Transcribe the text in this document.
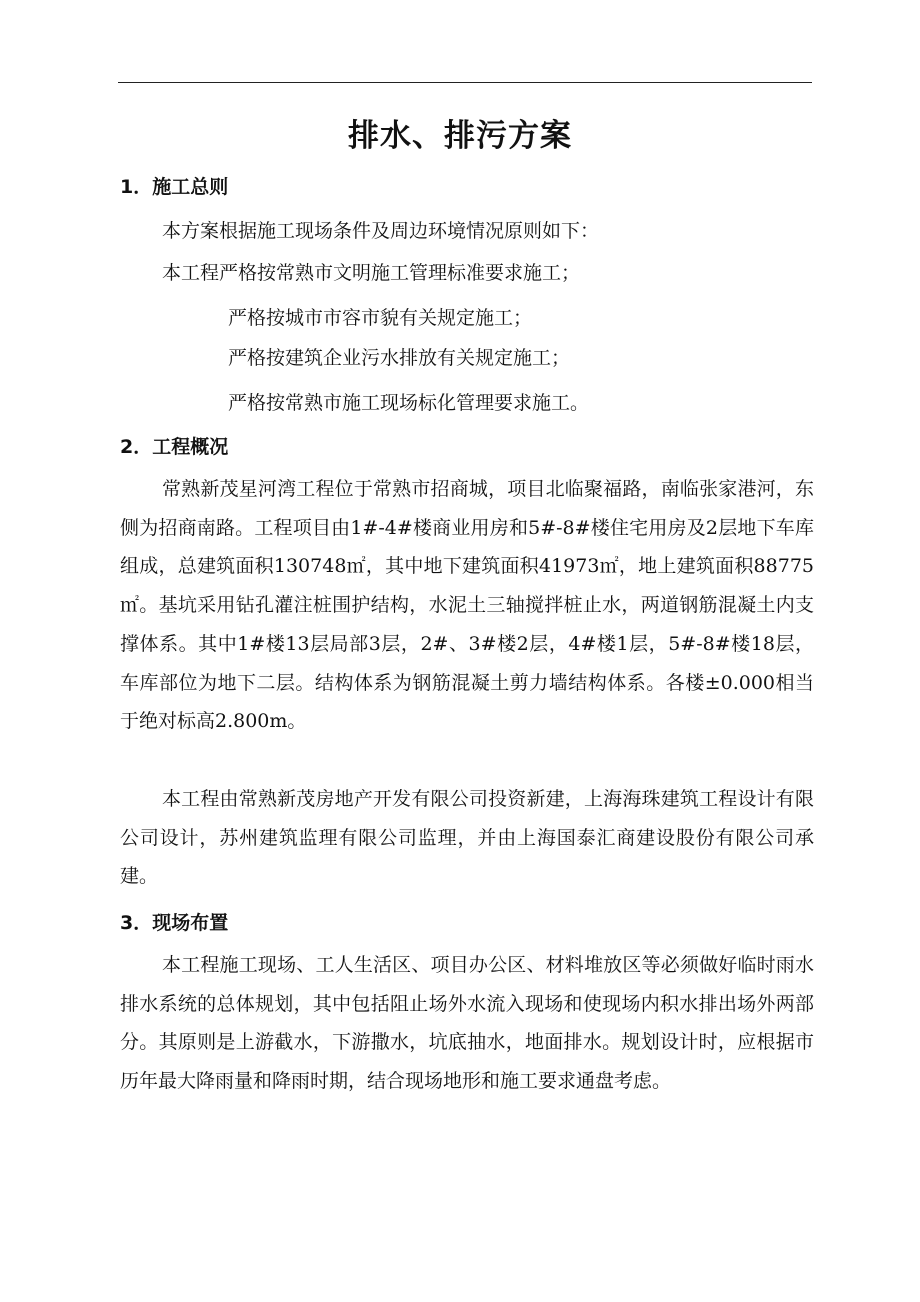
排水、排污方案
1．施工总则

本方案根据施工现场条件及周边环境情况原则如下：

本工程严格按常熟市文明施工管理标准要求施工；

严格按城市市容市貌有关规定施工；

严格按建筑企业污水排放有关规定施工；

严格按常熟市施工现场标化管理要求施工。

2．工程概况

常熟新茂星河湾工程位于常熟市招商城，项目北临聚福路，南临张家港河，东侧为招商南路。工程项目由1#-4#楼商业用房和5#-8#楼住宅用房及2层地下车库组成，总建筑面积130748㎡，其中地下建筑面积41973㎡，地上建筑面积88775㎡。基坑采用钻孔灌注桩围护结构，水泥土三轴搅拌桩止水，两道钢筋混凝土内支撑体系。其中1#楼13层局部3层，2#、3#楼2层，4#楼1层，5#-8#楼18层，车库部位为地下二层。结构体系为钢筋混凝土剪力墙结构体系。各楼±0.000相当于绝对标高2.800m。

本工程由常熟新茂房地产开发有限公司投资新建，上海海珠建筑工程设计有限公司设计，苏州建筑监理有限公司监理，并由上海国泰汇商建设股份有限公司承建。

3．现场布置

本工程施工现场、工人生活区、项目办公区、材料堆放区等必须做好临时雨水排水系统的总体规划，其中包括阻止场外水流入现场和使现场内积水排出场外两部分。其原则是上游截水，下游撒水，坑底抽水，地面排水。规划设计时，应根据市历年最大降雨量和降雨时期，结合现场地形和施工要求通盘考虑。
